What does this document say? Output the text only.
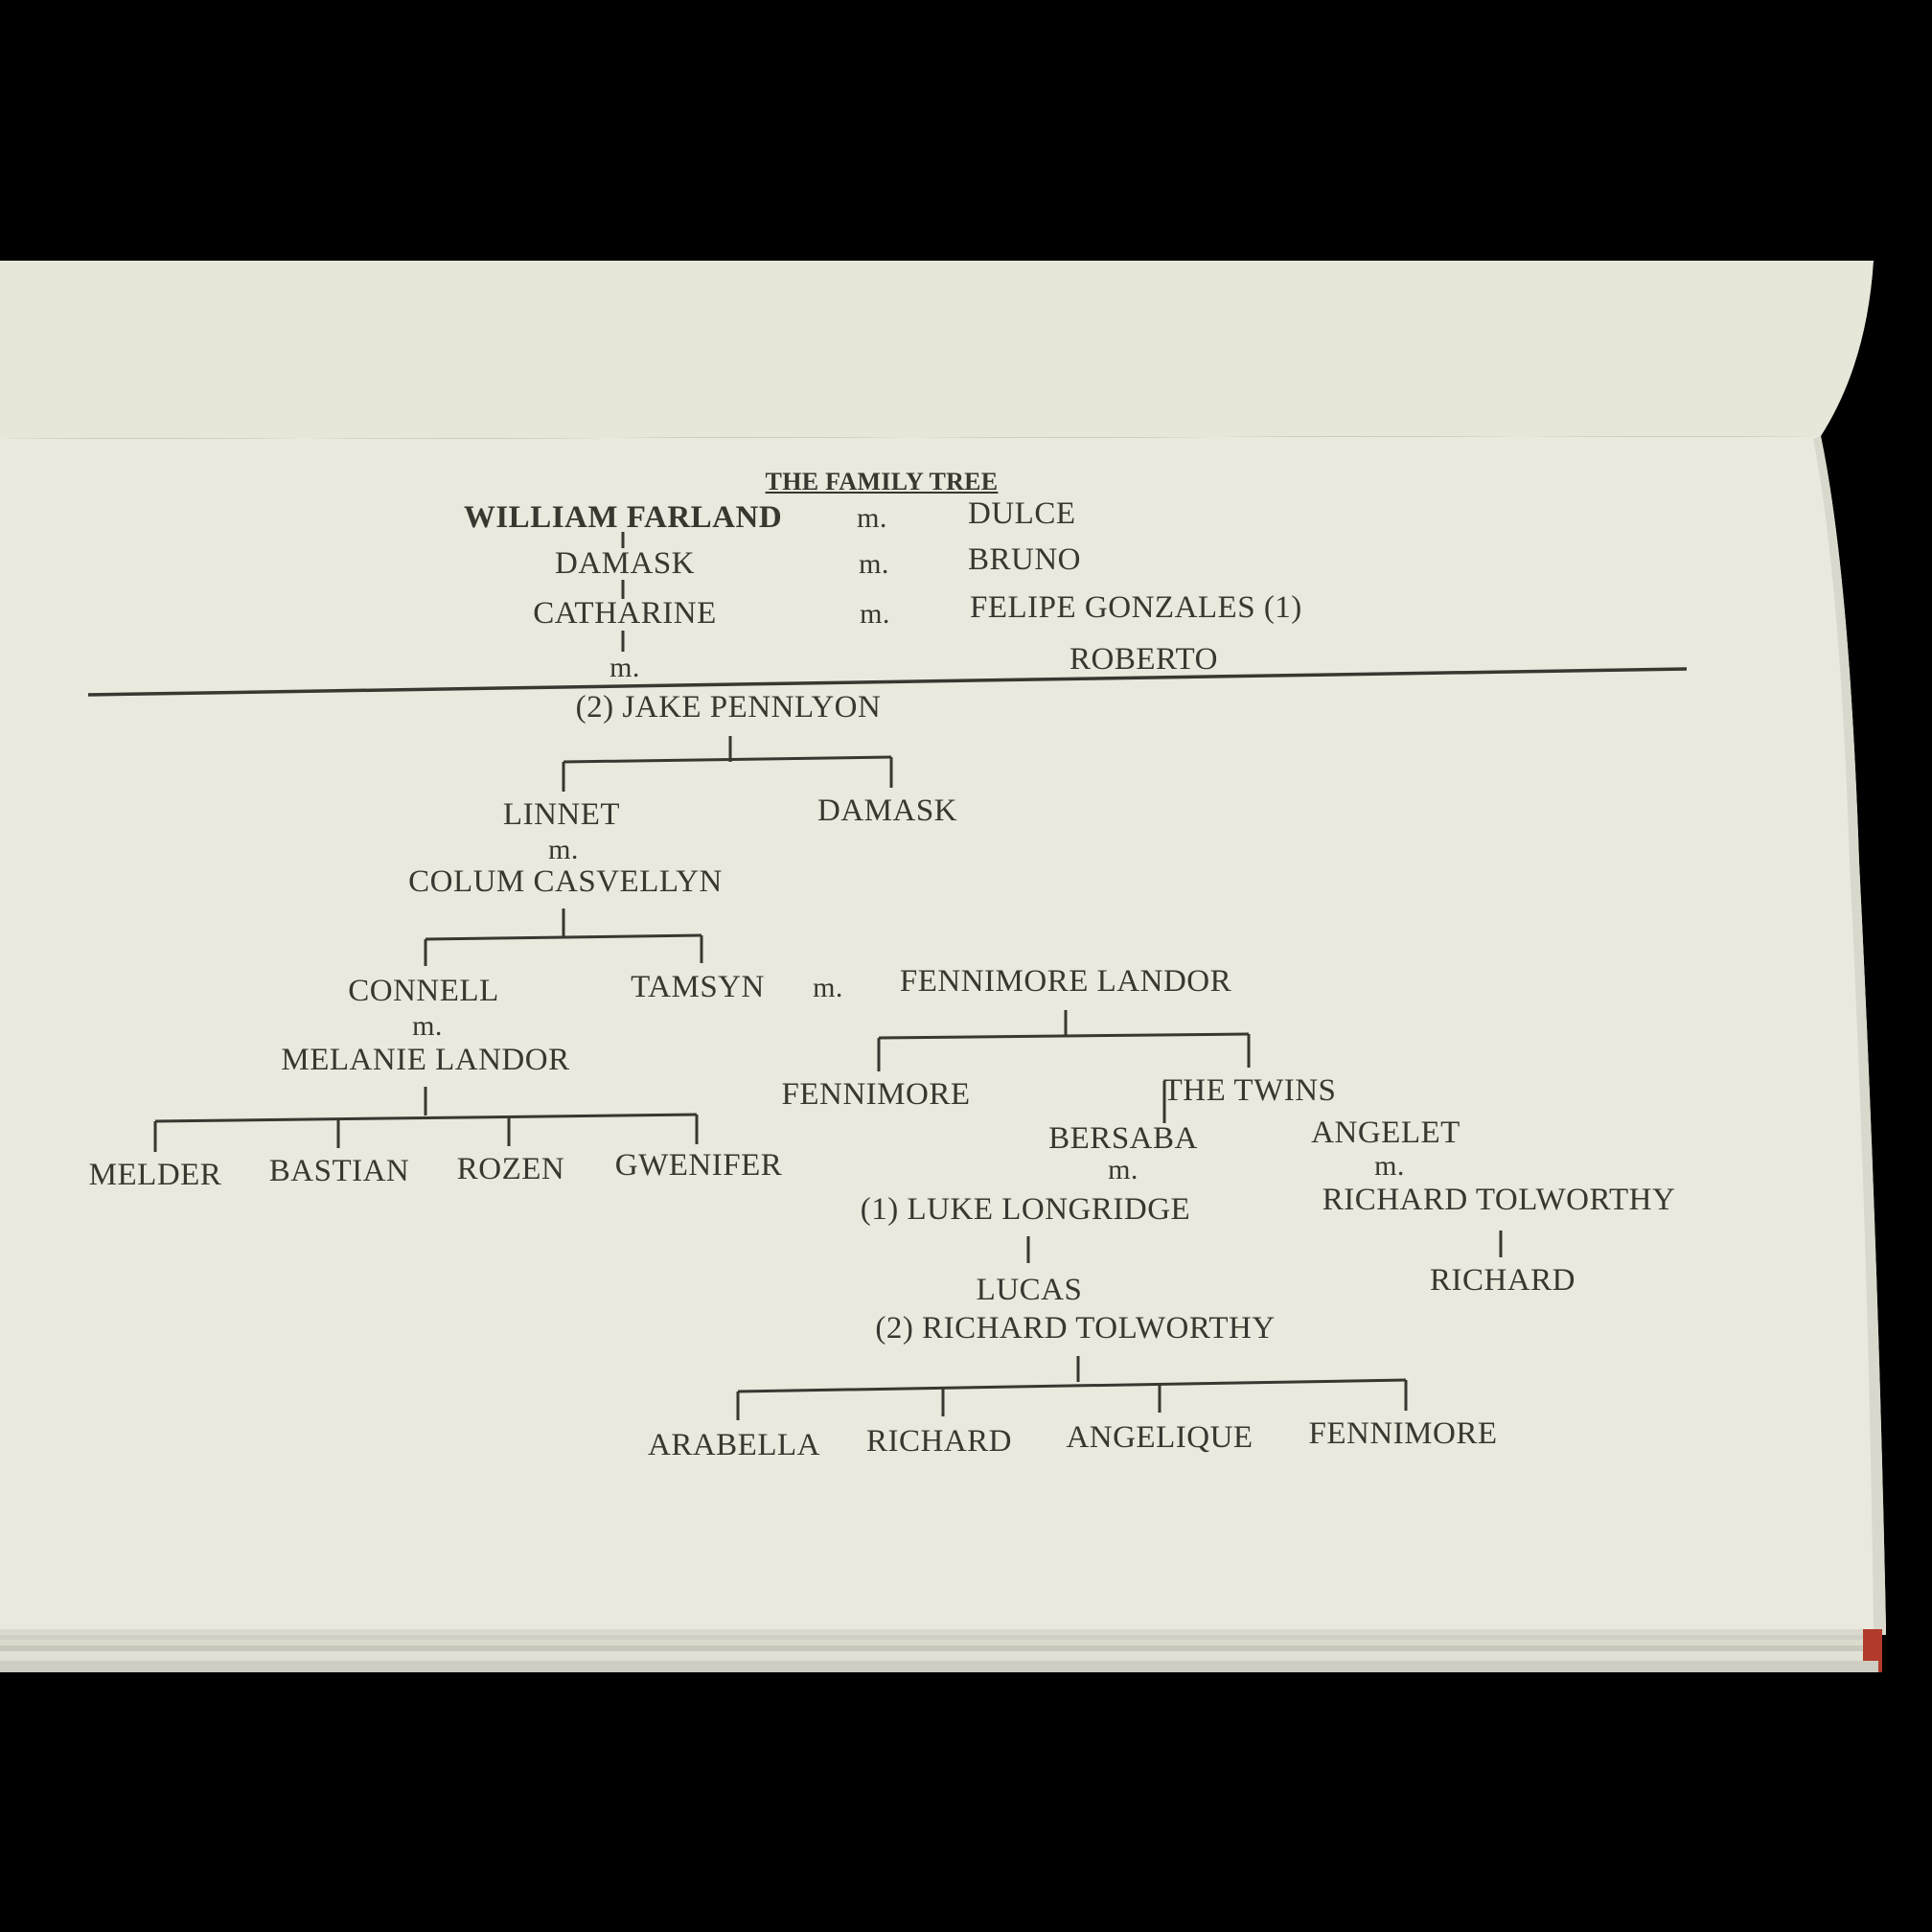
THE FAMILY TREE
WILLIAM FARLAND	m.	DULCE
DAMASK	m. BRUNO
CATHARINE	m.	FELIPE GONZALES (1)
m.	ROBERTO
(2) JAKE PENNLYON
LINNET	DAMASK
m.
COLUM CASVELLYN
CONNELL	TAMSYN m. FENNIMORE LANDOR
m.
MELANIE LANDOR
FENNIMORE	THE TWINS
MELDER BASTIAN ROZEN GWENIFER
BERSABA	ANGELET
m.	m.
(1) LUKE LONGRIDGE	RICHARD TOLWORTHY
LUCAS	RICHARD
(2) RICHARD TOLWORTHY
ARABELLA RICHARD ANGELIQUE FENNIMORE
